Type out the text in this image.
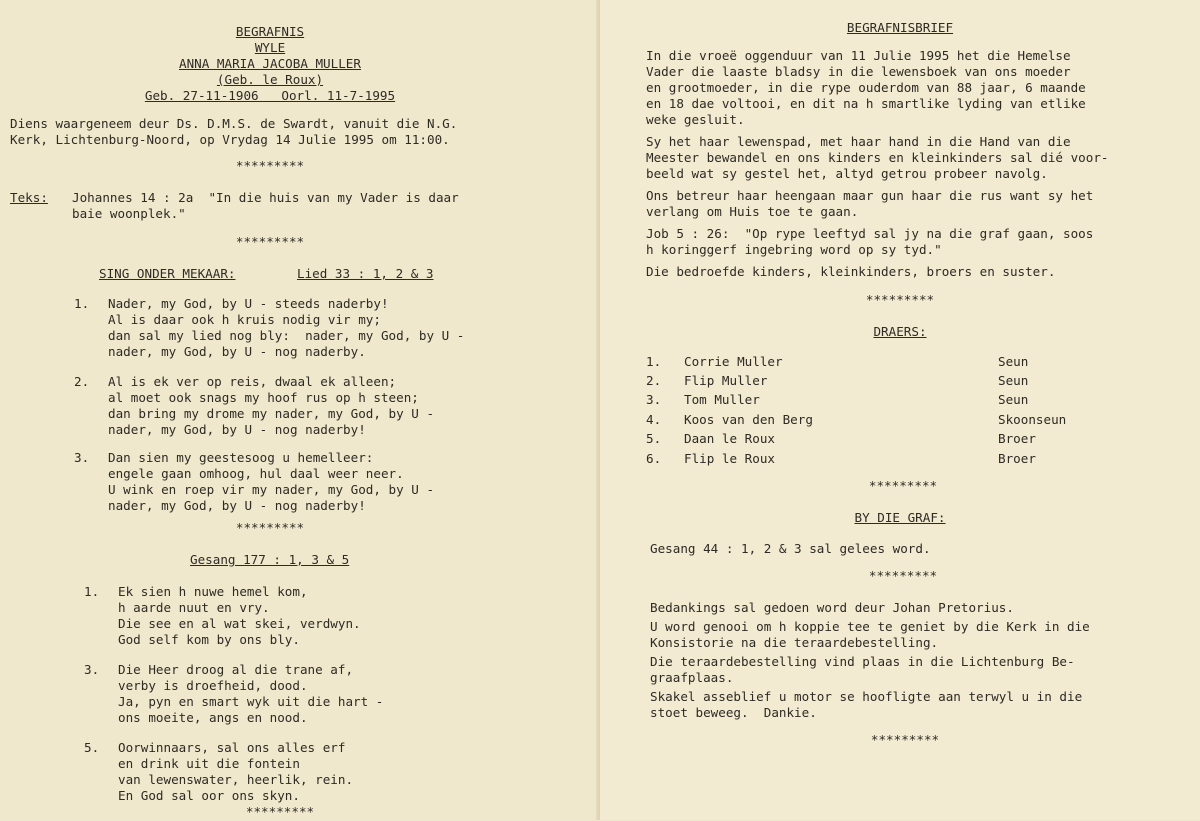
BEGRAFNIS
WYLE
ANNA MARIA JACOBA MULLER
(Geb. le Roux)
Geb. 27-11-1906   Oorl. 11-7-1995
Diens waargeneem deur Ds. D.M.S. de Swardt, vanuit die N.G.
Kerk, Lichtenburg-Noord, op Vrydag 14 Julie 1995 om 11:00.
*********
Teks: Johannes 14 : 2a  "In die huis van my Vader is daar
baie woonplek."
*********
SING ONDER MEKAAR:	Lied 33 : 1, 2 & 3
1. Nader, my God, by U - steeds naderby!
Al is daar ook h kruis nodig vir my;
dan sal my lied nog bly:  nader, my God, by U -
nader, my God, by U - nog naderby.
2. Al is ek ver op reis, dwaal ek alleen;
al moet ook snags my hoof rus op h steen;
dan bring my drome my nader, my God, by U -
nader, my God, by U - nog naderby!
3. Dan sien my geestesoog u hemelleer:
engele gaan omhoog, hul daal weer neer.
U wink en roep vir my nader, my God, by U -
nader, my God, by U - nog naderby!
*********
Gesang 177 : 1, 3 & 5
1. Ek sien h nuwe hemel kom,
h aarde nuut en vry.
Die see en al wat skei, verdwyn.
God self kom by ons bly.
3. Die Heer droog al die trane af,
verby is droefheid, dood.
Ja, pyn en smart wyk uit die hart -
ons moeite, angs en nood.
5. Oorwinnaars, sal ons alles erf
en drink uit die fontein
van lewenswater, heerlik, rein.
En God sal oor ons skyn.
*********
BEGRAFNISBRIEF
In die vroeë oggenduur van 11 Julie 1995 het die Hemelse
Vader die laaste bladsy in die lewensboek van ons moeder
en grootmoeder, in die rype ouderdom van 88 jaar, 6 maande
en 18 dae voltooi, en dit na h smartlike lyding van etlike
weke gesluit.
Sy het haar lewenspad, met haar hand in die Hand van die
Meester bewandel en ons kinders en kleinkinders sal dié voor-
beeld wat sy gestel het, altyd getrou probeer navolg.
Ons betreur haar heengaan maar gun haar die rus want sy het
verlang om Huis toe te gaan.
Job 5 : 26:  "Op rype leeftyd sal jy na die graf gaan, soos
h koringgerf ingebring word op sy tyd."
Die bedroefde kinders, kleinkinders, broers en suster.
*********
DRAERS:
1. Corrie Muller	Seun
2. Flip Muller	Seun
3. Tom Muller	Seun
4. Koos van den Berg	Skoonseun
5. Daan le Roux	Broer
6. Flip le Roux	Broer
*********
BY DIE GRAF:
Gesang 44 : 1, 2 & 3 sal gelees word.
*********
Bedankings sal gedoen word deur Johan Pretorius.
U word genooi om h koppie tee te geniet by die Kerk in die
Konsistorie na die teraardebestelling.
Die teraardebestelling vind plaas in die Lichtenburg Be-
graafplaas.
Skakel asseblief u motor se hoofligte aan terwyl u in die
stoet beweeg.  Dankie.
*********
